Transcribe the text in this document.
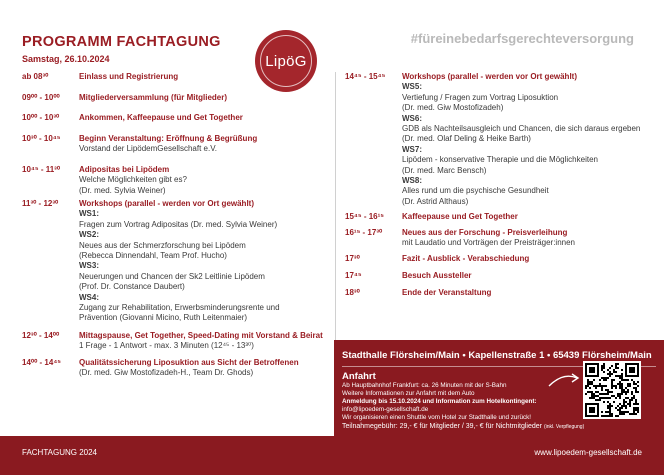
PROGRAMM FACHTAGUNG	#füreinebedarfsgerechteversorgung
Samstag, 26.10.2024	LipöG
ab 08³⁰	Einlass und Registrierung
09⁰⁰ - 10⁰⁰ Mitgliederversammlung (für Mitglieder)
10⁰⁰ - 10³⁰ Ankommen, Kaffeepause und Get Together
10³⁰ - 10⁴⁵ Beginn Veranstaltung: Eröffnung & Begrüßung
Vorstand der LipödemGesellschaft e.V.
10⁴⁵ - 11³⁰ Adipositas bei Lipödem
Welche Möglichkeiten gibt es?
(Dr. med. Sylvia Weiner)
11³⁰ - 12³⁰	Workshops (parallel - werden vor Ort gewählt)
WS1:
Fragen zum Vortrag Adipositas (Dr. med. Sylvia Weiner)
WS2:
Neues aus der Schmerzforschung bei Lipödem
(Rebecca Dinnendahl, Team Prof. Hucho)
WS3:
Neuerungen und Chancen der Sk2 Leitlinie Lipödem
(Prof. Dr. Constance Daubert)
WS4:
Zugang zur Rehabilitation, Erwerbsminderungsrente und
Prävention (Giovanni Micino, Ruth Leitenmaier)
12³⁰ - 14⁰⁰ Mittagspause, Get Together, Speed-Dating mit Vorstand & Beirat
1 Frage - 1 Antwort - max. 3 Minuten (12⁴⁵ - 13³⁰)
14⁰⁰ - 14⁴⁵ Qualitätssicherung Liposuktion aus Sicht der Betroffenen
(Dr. med. Giw Mostofizadeh-H., Team Dr. Ghods)
14⁴⁵ - 15⁴⁵ Workshops (parallel - werden vor Ort gewählt)
WS5:
Vertiefung / Fragen zum Vortrag Liposuktion
(Dr. med. Giw Mostofizadeh)
WS6:
GDB als Nachteilsausgleich und Chancen, die sich daraus ergeben
(Dr. med. Olaf Deling & Heike Barth)
WS7:
Lipödem - konservative Therapie und die Möglichkeiten
(Dr. med. Marc Bensch)
WS8:
Alles rund um die psychische Gesundheit
(Dr. Astrid Althaus)
15⁴⁵ - 16¹⁵ Kaffeepause und Get Together
16¹⁵ - 17³⁰ Neues aus der Forschung - Preisverleihung
mit Laudatio und Vorträgen der Preisträger:innen
17³⁰	Fazit - Ausblick - Verabschiedung
17⁴⁵	Besuch Aussteller
18³⁰	Ende der Veranstaltung
Stadthalle Flörsheim/Main • Kapellenstraße 1 • 65439 Flörsheim/Main
Anfahrt
Ab Hauptbahnhof Frankfurt: ca. 26 Minuten mit der S-Bahn
Weitere Informationen zur Anfahrt mit dem Auto
Anmeldung bis 15.10.2024 und Information zum Hotelkontingent:
info@lipoedem-gesellschaft.de
Wir organisieren einen Shuttle vom Hotel zur Stadthalle und zurück!
Teilnahmegebühr: 29,- € für Mitglieder / 39,- € für Nichtmitglieder (inkl. Verpflegung)
FACHTAGUNG 2024	www.lipoedem-gesellschaft.de
